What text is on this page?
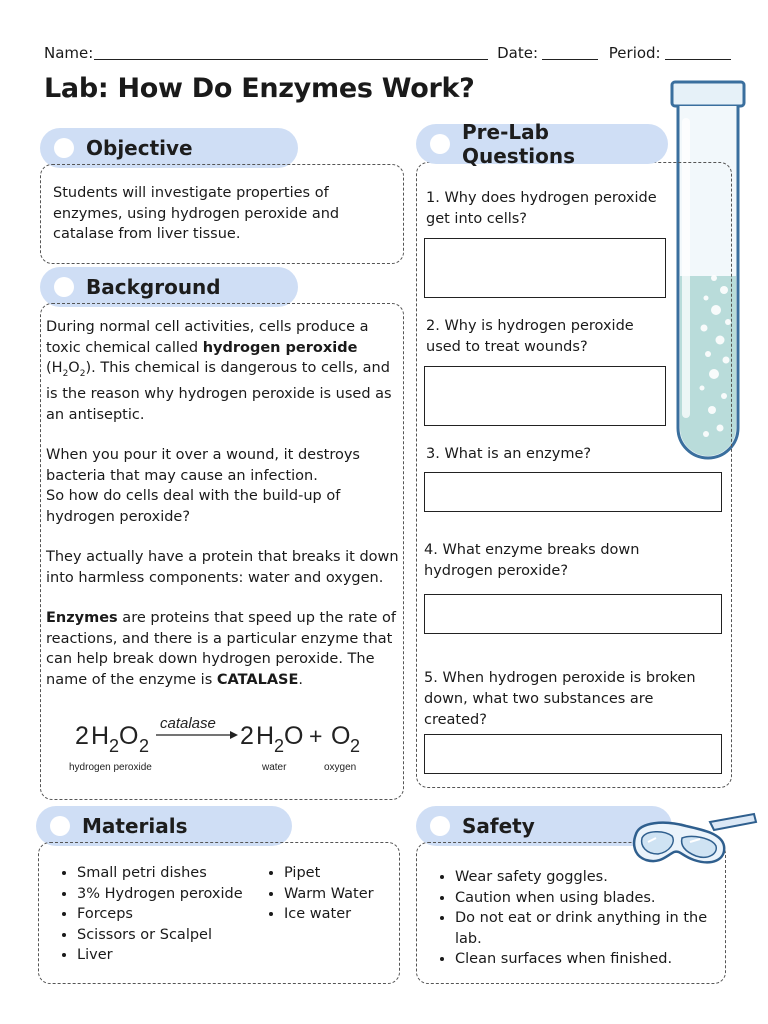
Name:	Date:	Period:
Lab: How Do Enzymes Work?
Objective

Students will investigate properties of enzymes, using hydrogen peroxide and catalase from liver tissue.

Background

During normal cell activities, cells produce a toxic chemical called hydrogen peroxide $(H_2O_2)$. This chemical is dangerous to cells, and is the reason why hydrogen peroxide is used as an antiseptic.

When you pour it over a wound, it destroys bacteria that may cause an infection.

So how do cells deal with the build-up of hydrogen peroxide?

They actually have a protein that breaks it down into harmless components: water and oxygen.

Enzymes are proteins that speed up the rate of reactions, and there is a particular enzyme that can help break down hydrogen peroxide. The name of the enzyme is CATALASE.

2 H 2 O 2
catalase 2 H 2 O + O 2
hydrogen peroxide	water	oxygen
Pre-Lab Questions
1. Why does hydrogen peroxide get into cells?
2. Why is hydrogen peroxide used to treat wounds?
3. What is an enzyme?
4. What enzyme breaks down hydrogen peroxide?
5. When hydrogen peroxide is broken down, what two substances are created?
Materials
• Small petri dishes
• 3% Hydrogen peroxide
• Forceps
• Scissors or Scalpel
• Liver
• Pipet
• Warm Water
• Ice water
Safety
• Wear safety goggles.
• Caution when using blades.
• Do not eat or drink anything in the lab.
• Clean surfaces when finished.
